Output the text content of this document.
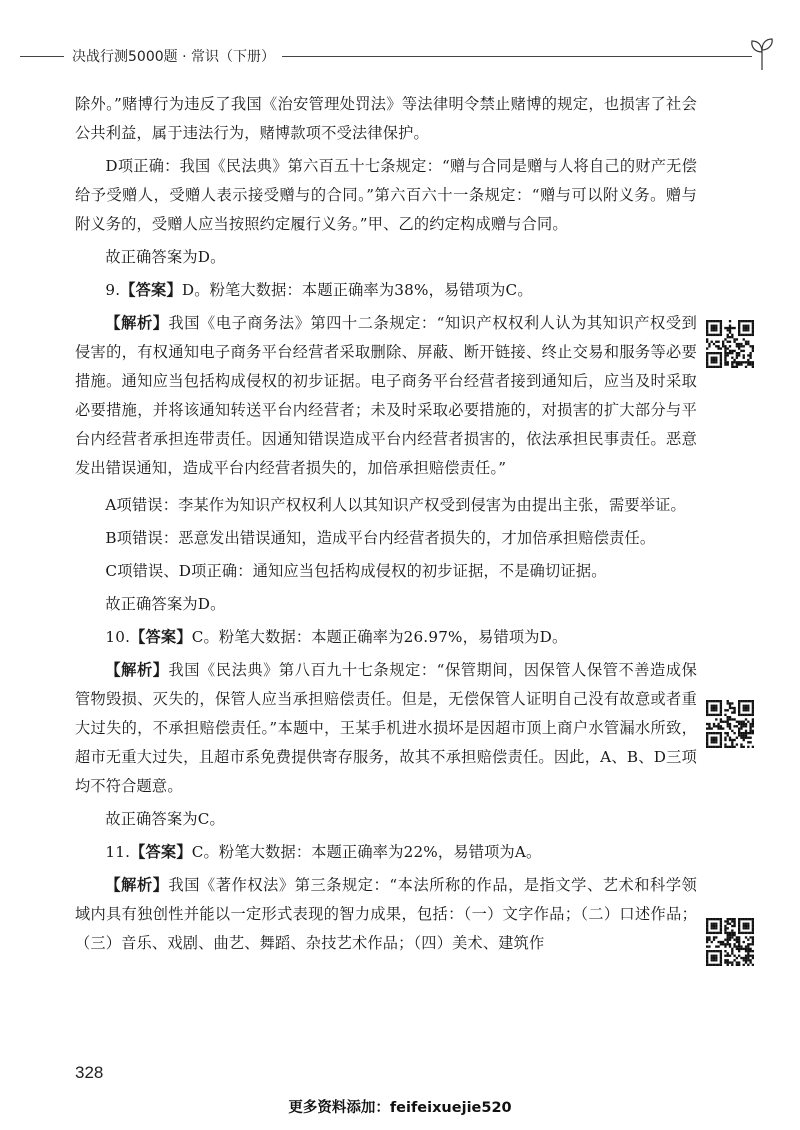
决战行测5000题 · 常识（下册）

除外。”赌博行为违反了我国《治安管理处罚法》等法律明令禁止赌博的规定，也损害了社会公共利益，属于违法行为，赌博款项不受法律保护。

D项正确：我国《民法典》第六百五十七条规定：“赠与合同是赠与人将自己的财产无偿给予受赠人，受赠人表示接受赠与的合同。”第六百六十一条规定：“赠与可以附义务。赠与附义务的，受赠人应当按照约定履行义务。”甲、乙的约定构成赠与合同。

故正确答案为D。

9.【答案】D。粉笔大数据：本题正确率为38%，易错项为C。

【解析】我国《电子商务法》第四十二条规定：“知识产权权利人认为其知识产权受到侵害的，有权通知电子商务平台经营者采取删除、屏蔽、断开链接、终止交易和服务等必要措施。通知应当包括构成侵权的初步证据。电子商务平台经营者接到通知后，应当及时采取必要措施，并将该通知转送平台内经营者；未及时采取必要措施的，对损害的扩大部分与平台内经营者承担连带责任。因通知错误造成平台内经营者损害的，依法承担民事责任。恶意发出错误通知，造成平台内经营者损失的，加倍承担赔偿责任。”

A项错误：李某作为知识产权权利人以其知识产权受到侵害为由提出主张，需要举证。

B项错误：恶意发出错误通知，造成平台内经营者损失的，才加倍承担赔偿责任。

C项错误、D项正确：通知应当包括构成侵权的初步证据，不是确切证据。

故正确答案为D。

10.【答案】C。粉笔大数据：本题正确率为26.97%，易错项为D。

【解析】我国《民法典》第八百九十七条规定：“保管期间，因保管人保管不善造成保管物毁损、灭失的，保管人应当承担赔偿责任。但是，无偿保管人证明自己没有故意或者重大过失的，不承担赔偿责任。”本题中，王某手机进水损坏是因超市顶上商户水管漏水所致，超市无重大过失，且超市系免费提供寄存服务，故其不承担赔偿责任。因此，A、B、D三项均不符合题意。

故正确答案为C。

11.【答案】C。粉笔大数据：本题正确率为22%，易错项为A。

【解析】我国《著作权法》第三条规定：“本法所称的作品，是指文学、艺术和科学领域内具有独创性并能以一定形式表现的智力成果，包括：（一）文字作品；（二）口述作品；（三）音乐、戏剧、曲艺、舞蹈、杂技艺术作品；（四）美术、建筑作

328
更多资料添加：feifeixuejie520
